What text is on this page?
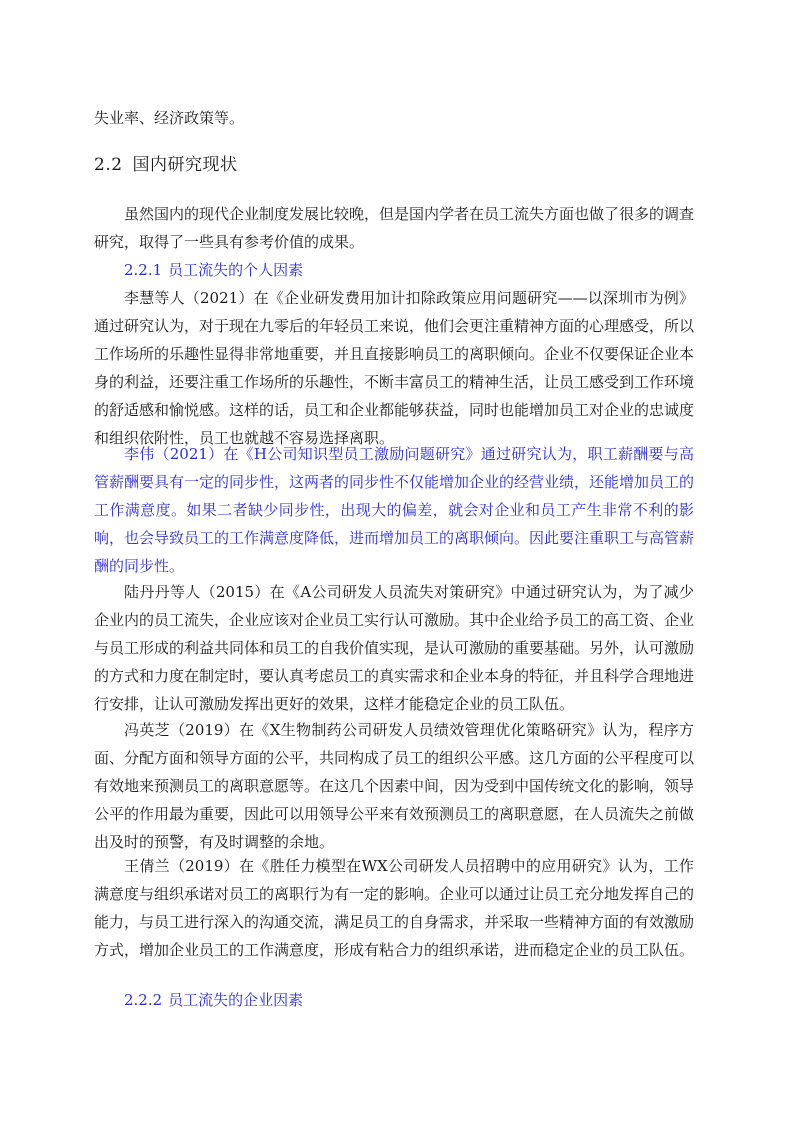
失业率、经济政策等。

2.2 国内研究现状

虽然国内的现代企业制度发展比较晚，但是国内学者在员工流失方面也做了很多的调查研究，取得了一些具有参考价值的成果。

2.2.1 员工流失的个人因素

李慧等人（2021）在《企业研发费用加计扣除政策应用问题研究——以深圳市为例》通过研究认为，对于现在九零后的年轻员工来说，他们会更注重精神方面的心理感受，所以工作场所的乐趣性显得非常地重要，并且直接影响员工的离职倾向。企业不仅要保证企业本身的利益，还要注重工作场所的乐趣性，不断丰富员工的精神生活，让员工感受到工作环境的舒适感和愉悦感。这样的话，员工和企业都能够获益，同时也能增加员工对企业的忠诚度和组织依附性，员工也就越不容易选择离职。

李伟（2021）在《H公司知识型员工激励问题研究》通过研究认为，职工薪酬要与高管薪酬要具有一定的同步性，这两者的同步性不仅能增加企业的经营业绩，还能增加员工的工作满意度。如果二者缺少同步性，出现大的偏差，就会对企业和员工产生非常不利的影响，也会导致员工的工作满意度降低，进而增加员工的离职倾向。因此要注重职工与高管薪酬的同步性。

陆丹丹等人（2015）在《A公司研发人员流失对策研究》中通过研究认为，为了减少企业内的员工流失，企业应该对企业员工实行认可激励。其中企业给予员工的高工资、企业与员工形成的利益共同体和员工的自我价值实现，是认可激励的重要基础。另外，认可激励的方式和力度在制定时，要认真考虑员工的真实需求和企业本身的特征，并且科学合理地进行安排，让认可激励发挥出更好的效果，这样才能稳定企业的员工队伍。

冯英芝（2019）在《X生物制药公司研发人员绩效管理优化策略研究》认为，程序方面、分配方面和领导方面的公平，共同构成了员工的组织公平感。这几方面的公平程度可以有效地来预测员工的离职意愿等。在这几个因素中间，因为受到中国传统文化的影响，领导公平的作用最为重要，因此可以用领导公平来有效预测员工的离职意愿，在人员流失之前做出及时的预警，有及时调整的余地。

王倩兰（2019）在《胜任力模型在WX公司研发人员招聘中的应用研究》认为，工作满意度与组织承诺对员工的离职行为有一定的影响。企业可以通过让员工充分地发挥自己的能力，与员工进行深入的沟通交流，满足员工的自身需求，并采取一些精神方面的有效激励方式，增加企业员工的工作满意度，形成有粘合力的组织承诺，进而稳定企业的员工队伍。

2.2.2 员工流失的企业因素
